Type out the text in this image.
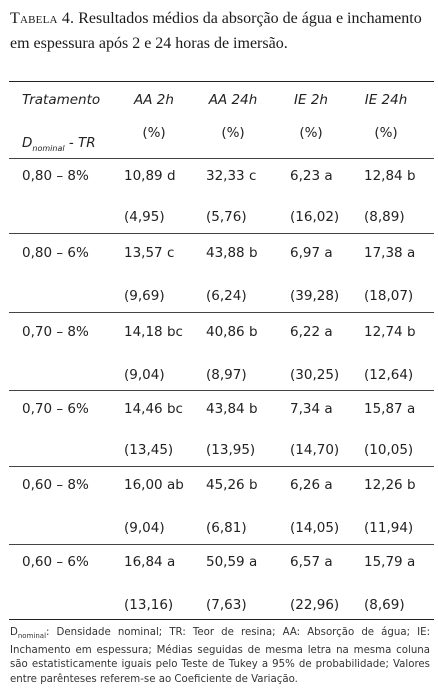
Tabela 4. Resultados médios da absorção de água e inchamento em espessura após 2 e 24 horas de imersão.
Tratamento	AA 2h	AA 24h	IE 2h	IE 24h
$D_{nominal}$ - TR
(%)	(%)	(%)	(%)
0,80 – 8%	10,89 d 32,33 c 6,23 a 12,84 b
(4,95)	(5,76)	(16,02) (8,89)
0,80 – 6%	13,57 c 43,88 b 6,97 a 17,38 a
(9,69)	(6,24)	(39,28) (18,07)
0,70 – 8%	14,18 bc 40,86 b 6,22 a 12,74 b
(9,04)	(8,97)	(30,25) (12,64)
0,70 – 6%	14,46 bc 43,84 b 7,34 a 15,87 a
(13,45) (13,95)	(14,70) (10,05)
0,60 – 8%	16,00 ab 45,26 b 6,26 a 12,26 b
(9,04)	(6,81)	(14,05) (11,94)
0,60 – 6%	16,84 a 50,59 a 6,57 a 15,79 a
(13,16) (7,63)	(22,96) (8,69)
$D_{nominal}$: Densidade nominal; TR: Teor de resina; AA: Absorção de água; IE: Inchamento em espessura; Médias seguidas de mesma letra na mesma coluna são estatisticamente iguais pelo Teste de Tukey a 95% de probabilidade; Valores entre parênteses referem-se ao Coeficiente de Variação.
